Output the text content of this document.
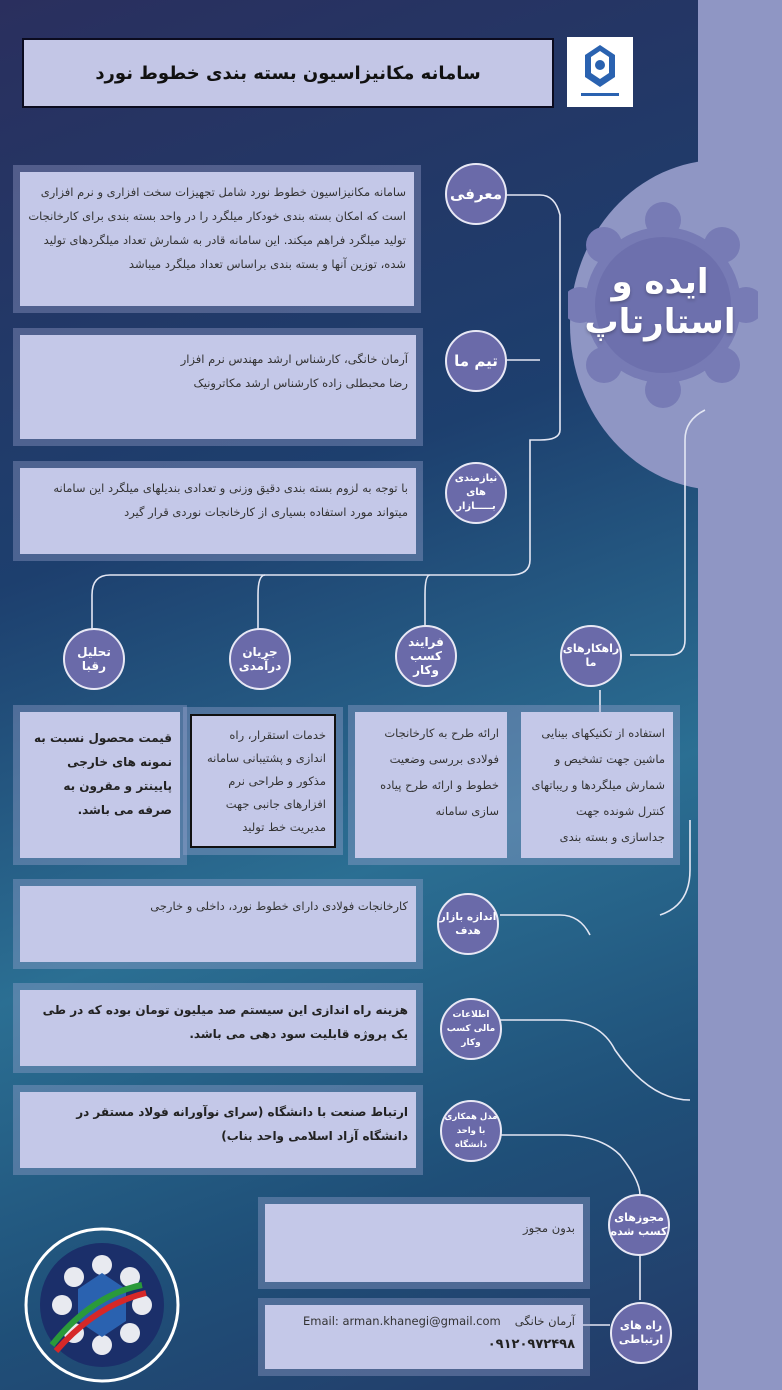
سامانه مکانیزاسیون بسته بندی خطوط نورد
ایده و
استارتاپ
سامانه مکانیزاسیون خطوط نورد شامل تجهیزات سخت افزاری و نرم افزاری است که امکان بسته بندی خودکار میلگرد را در واحد بسته بندی برای کارخانجات تولید میلگرد فراهم میکند. این سامانه قادر به شمارش تعداد میلگردهای تولید شده، توزین آنها و بسته بندی براساس تعداد میلگرد میباشد
معرفی
آرمان خانگی، کارشناس ارشد مهندس نرم افزار
رضا محبطلی زاده کارشناس ارشد مکاترونیک
تیم ما
با توجه به لزوم بسته بندی دقیق وزنی و تعدادی بندیلهای میلگرد این سامانه میتواند مورد استفاده بسیاری از کارخانجات نوردی قرار گیرد
نیازمندی های بـــــازار
تحلیل رقبا
جریان درآمدی
فرایند کسب وکار
راهکارهای ما
قیمت محصول نسبت به نمونه های خارجی پایینتر و مقرون به صرفه می باشد.
خدمات استقرار، راه اندازی و پشتیبانی سامانه مذکور و طراحی نرم افزارهای جانبی جهت مدیریت خط تولید
ارائه طرح به کارخانجات فولادی بررسی وضعیت خطوط و ارائه طرح پیاده سازی سامانه
استفاده از تکنیکهای بینایی ماشین جهت تشخیص و شمارش میلگردها و ریباتهای کنترل شونده جهت جداسازی و بسته بندی
کارخانجات فولادی دارای خطوط نورد، داخلی و خارجی
اندازه بازار هدف
هزینه راه اندازی این سیستم صد میلیون تومان بوده که در طی یک پروژه قابلیت سود دهی می باشد.
اطلاعات مالی کسب وکار
ارتباط صنعت با دانشگاه (سرای نوآورانه فولاد مستقر در دانشگاه آزاد اسلامی واحد بناب)
مدل همکاری با واحد دانشگاه
بدون مجوز
مجوزهای کسب شده
آرمان خانگی
Email: arman.khanegi@gmail.com
۰۹۱۲۰۹۷۲۴۹۸
راه های ارتباطی
